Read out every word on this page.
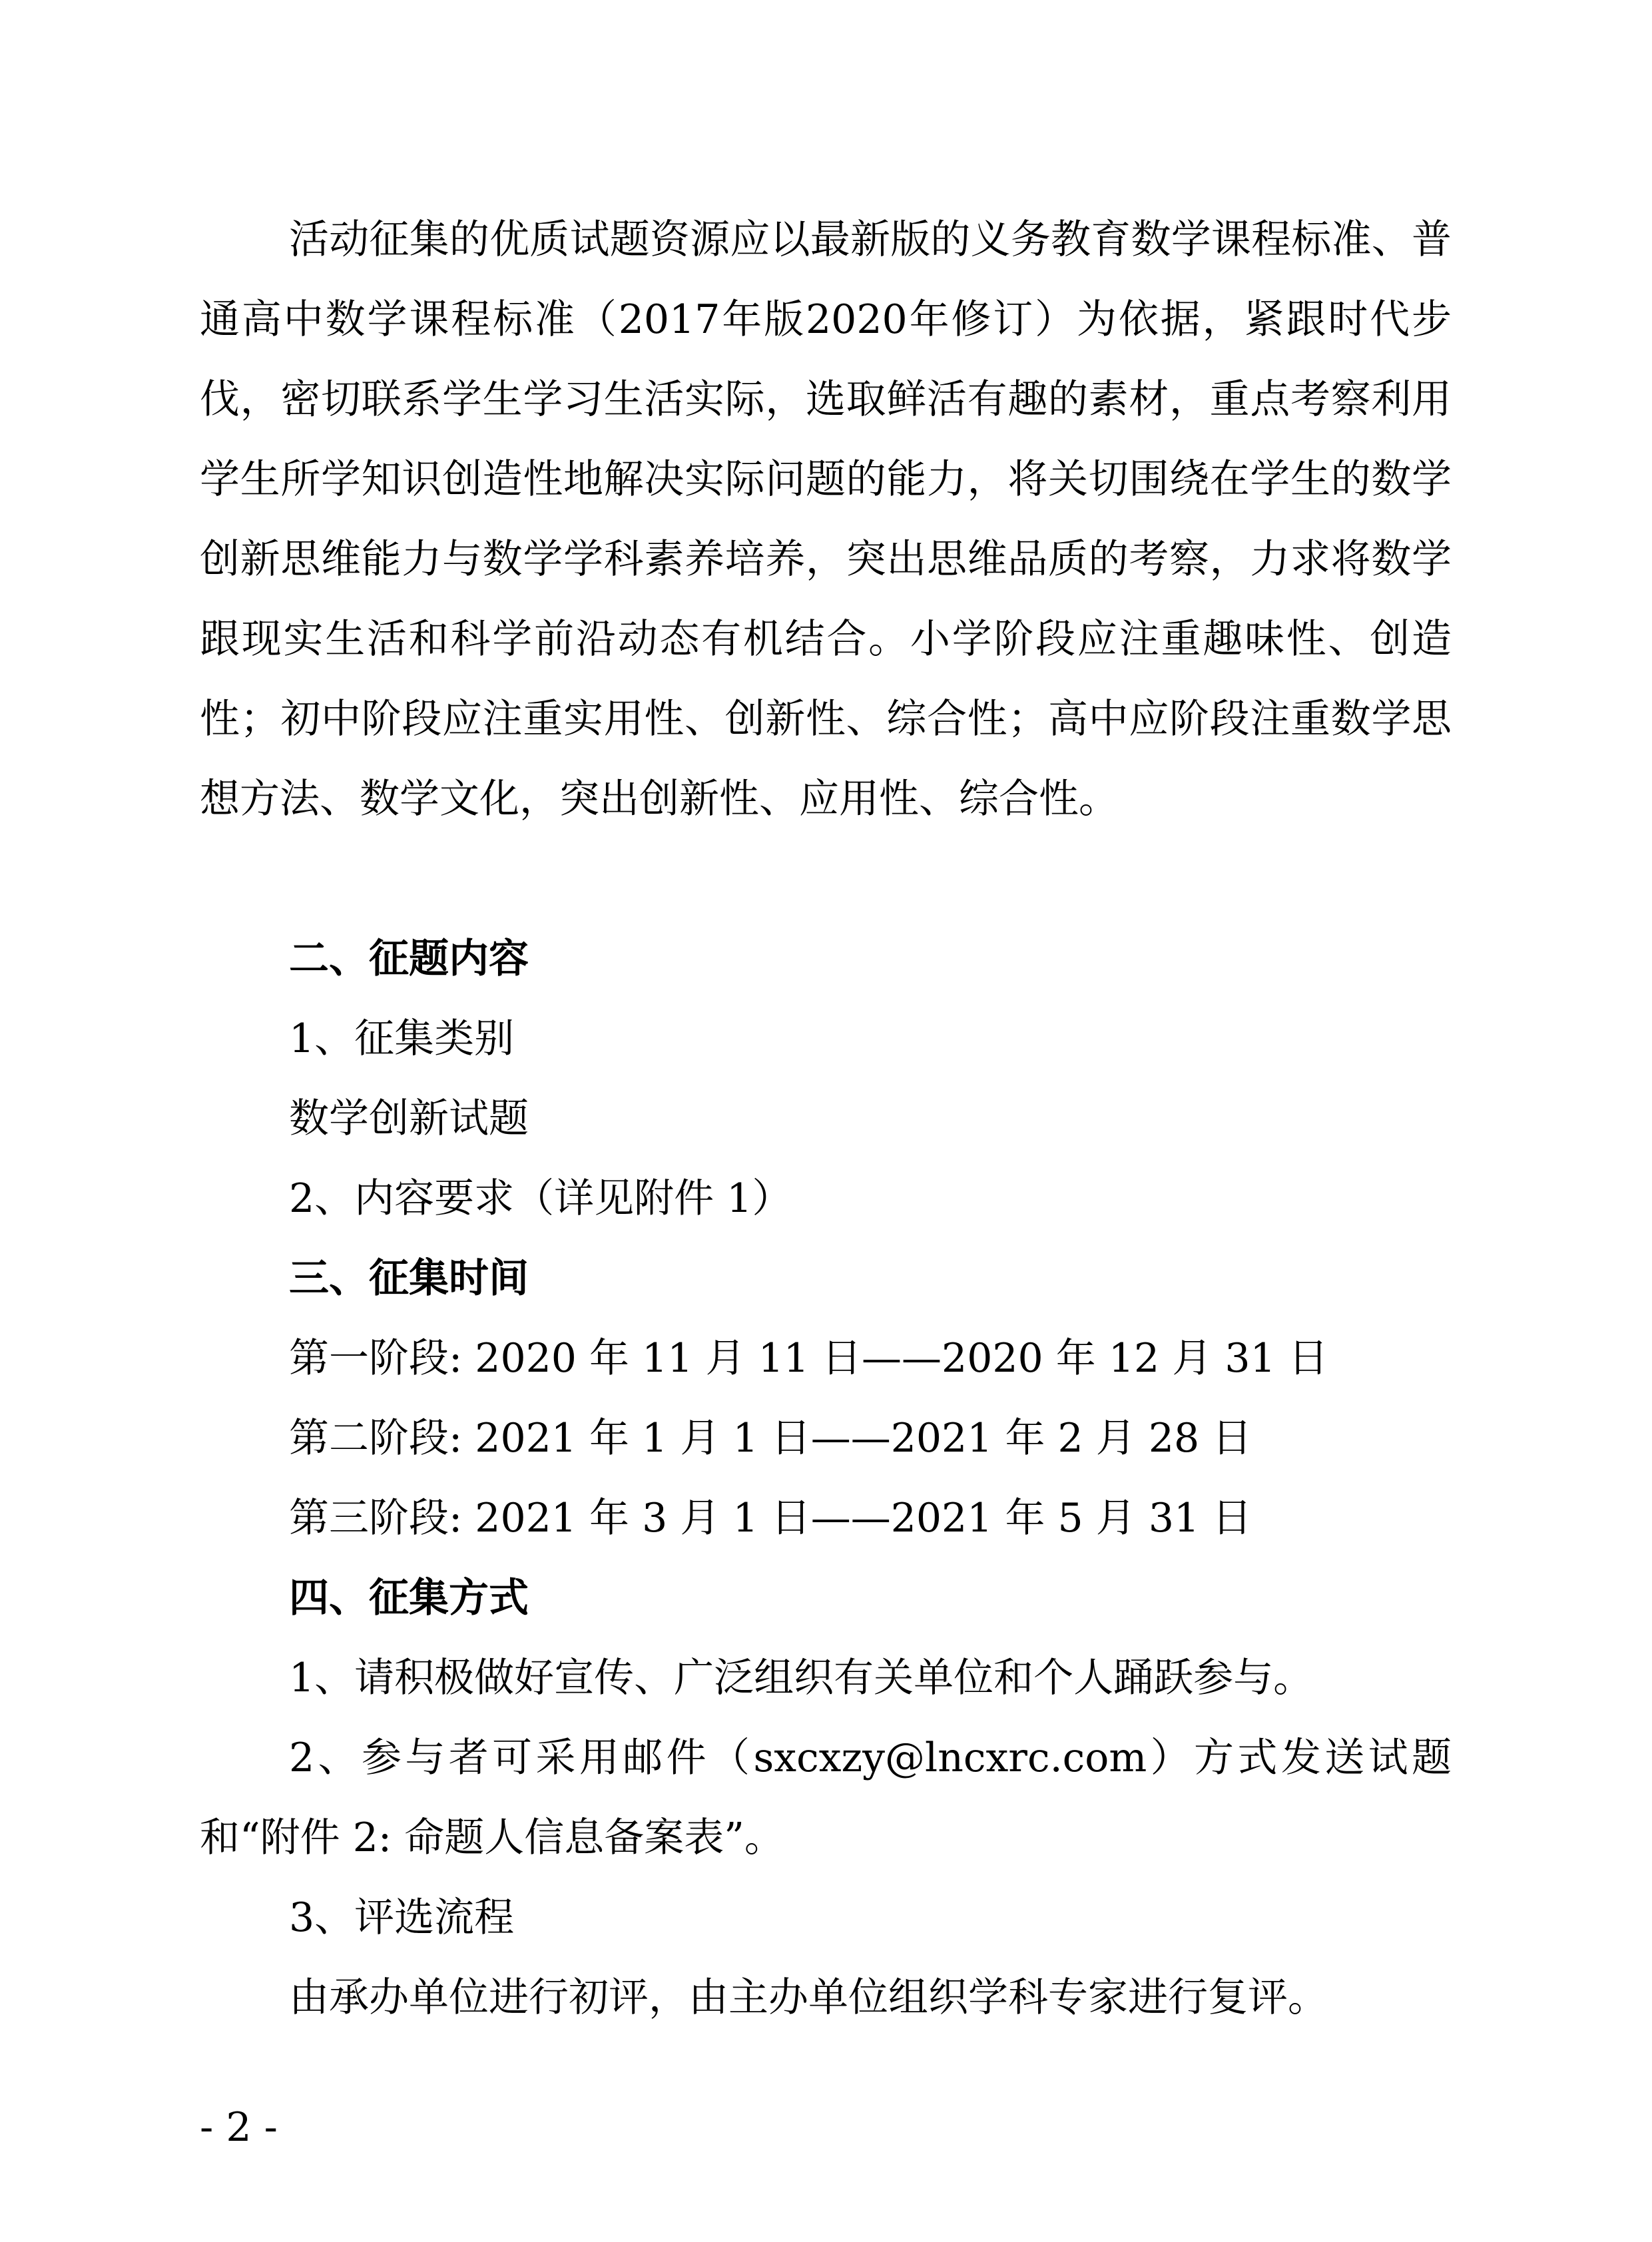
活动征集的优质试题资源应以最新版的义务教育数学课程标准、普通高中数学课程标准（2017年版2020年修订）为依据，紧跟时代步伐，密切联系学生学习生活实际，选取鲜活有趣的素材，重点考察利用学生所学知识创造性地解决实际问题的能力，将关切围绕在学生的数学创新思维能力与数学学科素养培养，突出思维品质的考察，力求将数学跟现实生活和科学前沿动态有机结合。小学阶段应注重趣味性、创造性；初中阶段应注重实用性、创新性、综合性；高中应阶段注重数学思想方法、数学文化，突出创新性、应用性、综合性。

二、征题内容

1、征集类别

数学创新试题

2、内容要求（详见附件 1）

三、征集时间

第一阶段: 2020 年 11 月 11 日——2020 年 12 月 31 日

第二阶段: 2021 年 1 月 1 日——2021 年 2 月 28 日

第三阶段: 2021 年 3 月 1 日——2021 年 5 月 31 日

四、征集方式

1、请积极做好宣传、广泛组织有关单位和个人踊跃参与。

2、参与者可采用邮件（sxcxzy@lncxrc.com）方式发送试题和“附件 2: 命题人信息备案表”。

3、评选流程

由承办单位进行初评，由主办单位组织学科专家进行复评。

- 2 -
